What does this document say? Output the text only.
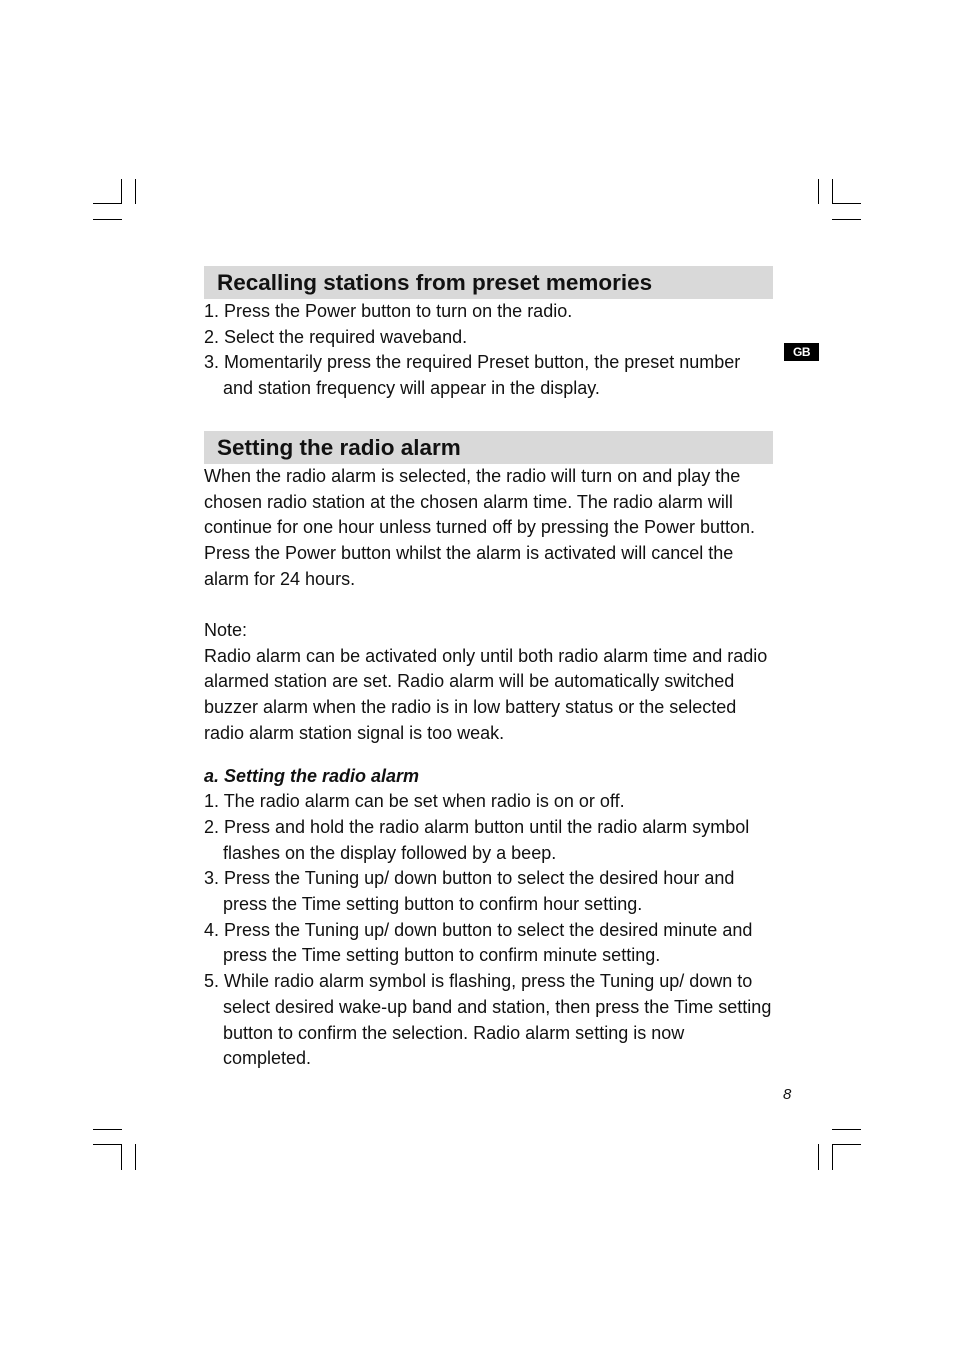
GB
Recalling stations from preset memories
1. Press the Power button to turn on the radio.
2. Select the required waveband.
3. Momentarily press the required Preset button, the preset number and station frequency will appear in the display.
Setting the radio alarm

When the radio alarm is selected, the radio will turn on and play the chosen radio station at the chosen alarm time. The radio alarm will continue for one hour unless turned off by pressing the Power button. Press the Power button whilst the alarm is activated will cancel the alarm for 24 hours.

Note:

Radio alarm can be activated only until both radio alarm time and radio alarmed station are set. Radio alarm will be automatically switched buzzer alarm when the radio is in low battery status or the selected radio alarm station signal is too weak.

a. Setting the radio alarm

1. The radio alarm can be set when radio is on or off.
2. Press and hold the radio alarm button until the radio alarm symbol flashes on the display followed by a beep.
3. Press the Tuning up/ down button to select the desired hour and press the Time setting button to confirm hour setting.
4. Press the Tuning up/ down button to select the desired minute and press the Time setting button to confirm minute setting.
5. While radio alarm symbol is flashing, press the Tuning up/ down to select desired wake-up band and station, then press the Time setting button to confirm the selection. Radio alarm setting is now completed.
8
